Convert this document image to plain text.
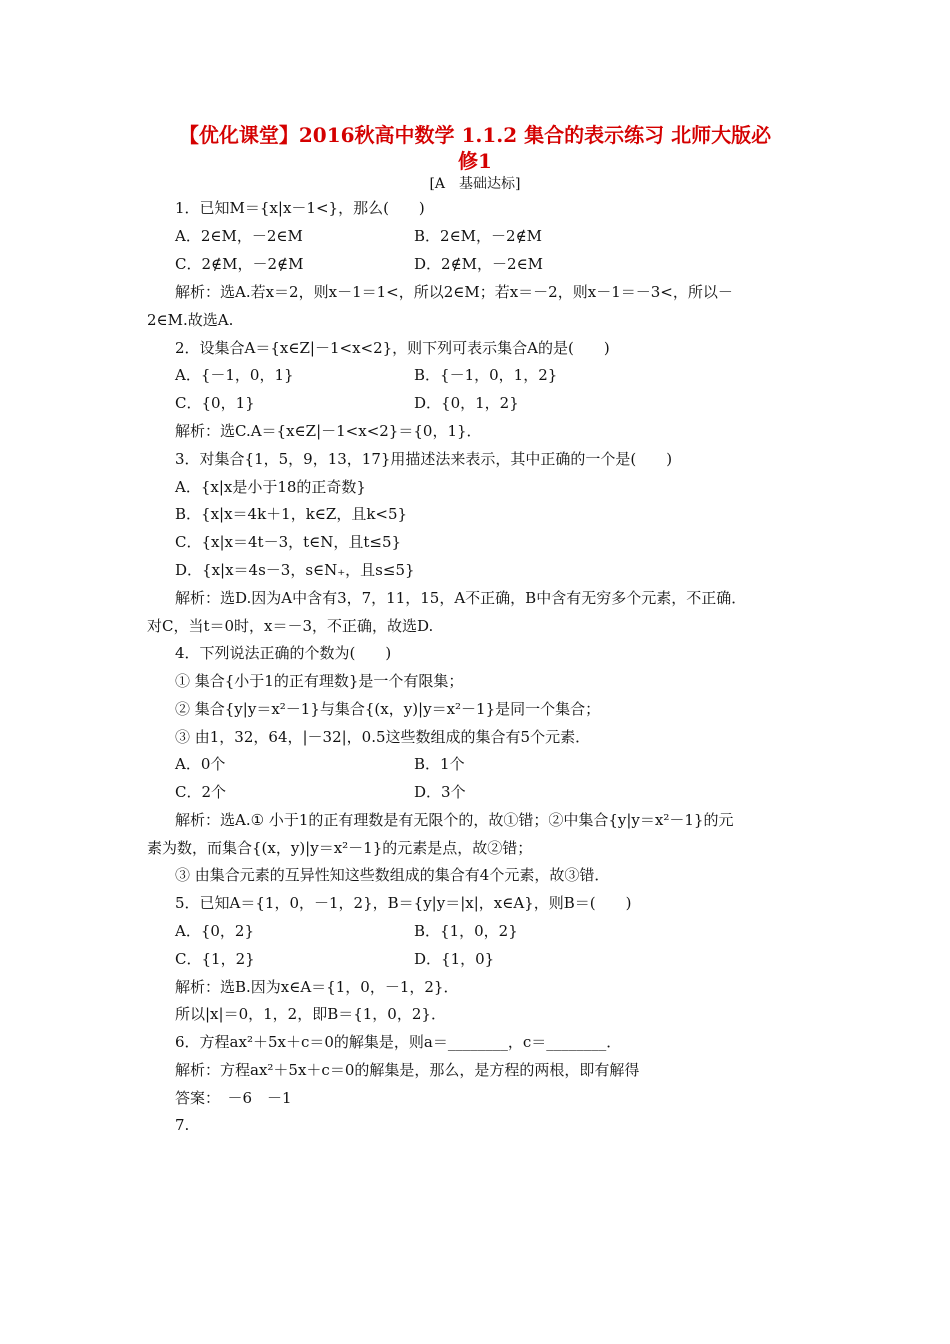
【优化课堂】2016秋高中数学 1.1.2 集合的表示练习 北师大版必
修1
[A　基础达标]
1．已知M＝{x|x－1<}，那么(　　)
A．2∈M，－2∈M	B．2∈M，－2∉M
C．2∉M，－2∉M	D．2∉M，－2∈M
解析：选A.若x＝2，则x－1＝1<，所以2∈M；若x＝－2，则x－1＝－3<，所以－
2∈M.故选A.
2．设集合A＝{x∈Z|－1<x<2}，则下列可表示集合A的是(　　)
A．{－1，0，1}	B．{－1，0，1，2}
C．{0，1}	D．{0，1，2}
解析：选C.A＝{x∈Z|－1<x<2}＝{0，1}．
3．对集合{1，5，9，13，17}用描述法来表示，其中正确的一个是(　　)
A．{x|x是小于18的正奇数}
B．{x|x＝4k＋1，k∈Z，且k<5}
C．{x|x＝4t－3，t∈N，且t≤5}
D．{x|x＝4s－3，s∈N₊，且s≤5}
解析：选D.因为A中含有3，7，11，15，A不正确，B中含有无穷多个元素，不正确．
对C，当t＝0时，x＝－3，不正确，故选D.
4．下列说法正确的个数为(　　)
① 集合{小于1的正有理数}是一个有限集；
② 集合{y|y＝x²－1}与集合{(x，y)|y＝x²－1}是同一个集合；
③ 由1，32，64，|－32|，0.5这些数组成的集合有5个元素．
A．0个	B．1个
C．2个	D．3个
解析：选A.① 小于1的正有理数是有无限个的，故①错；②中集合{y|y＝x²－1}的元
素为数，而集合{(x，y)|y＝x²－1}的元素是点，故②错；
③ 由集合元素的互异性知这些数组成的集合有4个元素，故③错．
5．已知A＝{1，0，－1，2}，B＝{y|y＝|x|，x∈A}，则B＝(　　)
A．{0，2}	B．{1，0，2}
C．{1，2}	D．{1，0}
解析：选B.因为x∈A＝{1，0，－1，2}．
所以|x|＝0，1，2，即B＝{1，0，2}．
6．方程ax²＋5x＋c＝0的解集是，则a＝________，c＝________．
解析：方程ax²＋5x＋c＝0的解集是，那么，是方程的两根，即有解得
答案：　－6　－1
7.
